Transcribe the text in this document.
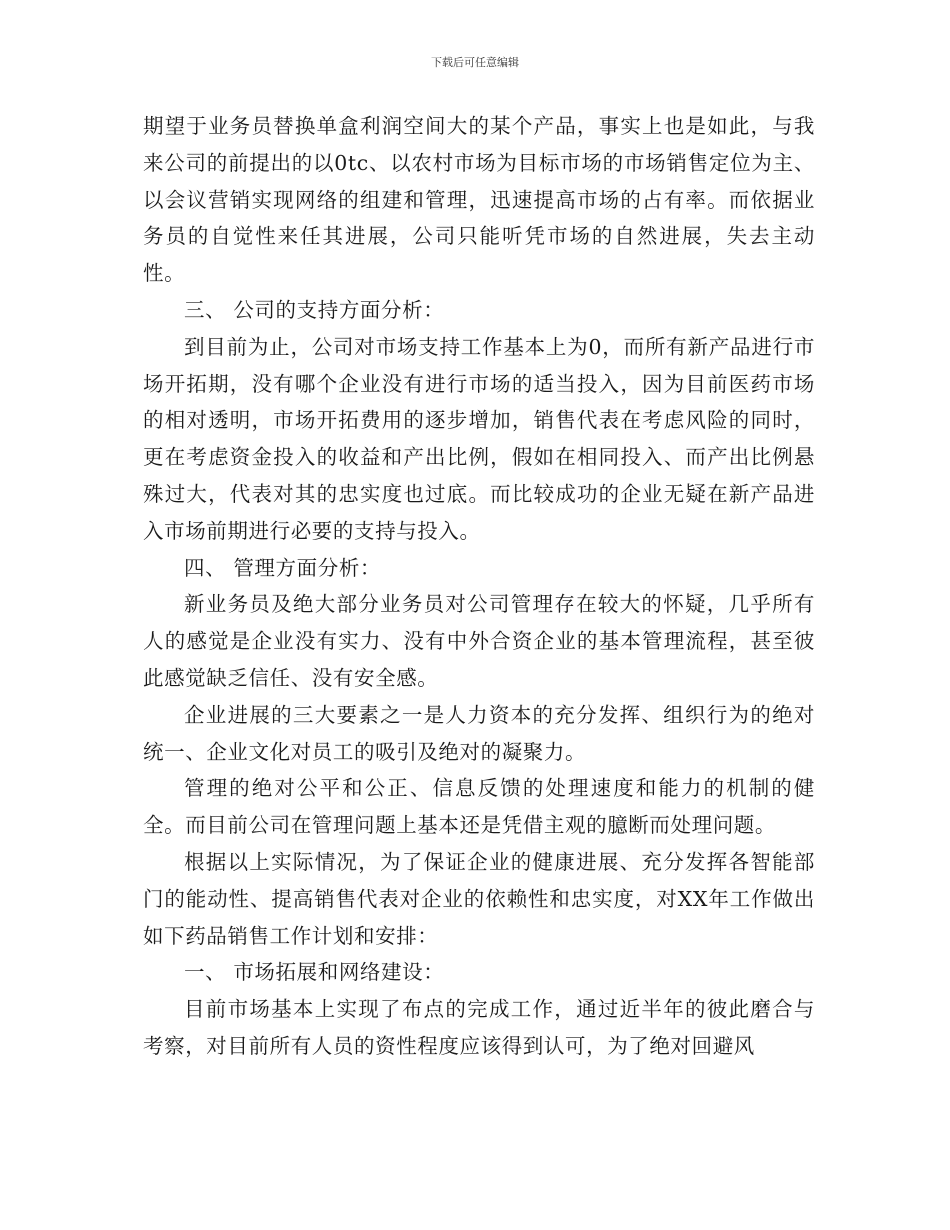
下载后可任意编辑

期望于业务员替换单盒利润空间大的某个产品，事实上也是如此，与我来公司的前提出的以0tc、以农村市场为目标市场的市场销售定位为主、以会议营销实现网络的组建和管理，迅速提高市场的占有率。而依据业务员的自觉性来任其进展，公司只能听凭市场的自然进展，失去主动性。

三、 公司的支持方面分析：

到目前为止，公司对市场支持工作基本上为0，而所有新产品进行市场开拓期，没有哪个企业没有进行市场的适当投入，因为目前医药市场的相对透明，市场开拓费用的逐步增加，销售代表在考虑风险的同时，更在考虑资金投入的收益和产出比例，假如在相同投入、而产出比例悬殊过大，代表对其的忠实度也过底。而比较成功的企业无疑在新产品进入市场前期进行必要的支持与投入。

四、 管理方面分析：

新业务员及绝大部分业务员对公司管理存在较大的怀疑，几乎所有人的感觉是企业没有实力、没有中外合资企业的基本管理流程，甚至彼此感觉缺乏信任、没有安全感。

企业进展的三大要素之一是人力资本的充分发挥、组织行为的绝对统一、企业文化对员工的吸引及绝对的凝聚力。

管理的绝对公平和公正、信息反馈的处理速度和能力的机制的健全。而目前公司在管理问题上基本还是凭借主观的臆断而处理问题。

根据以上实际情况，为了保证企业的健康进展、充分发挥各智能部门的能动性、提高销售代表对企业的依赖性和忠实度，对XX年工作做出如下药品销售工作计划和安排：

一、 市场拓展和网络建设：

目前市场基本上实现了布点的完成工作，通过近半年的彼此磨合与考察，对目前所有人员的资性程度应该得到认可，为了绝对回避风
